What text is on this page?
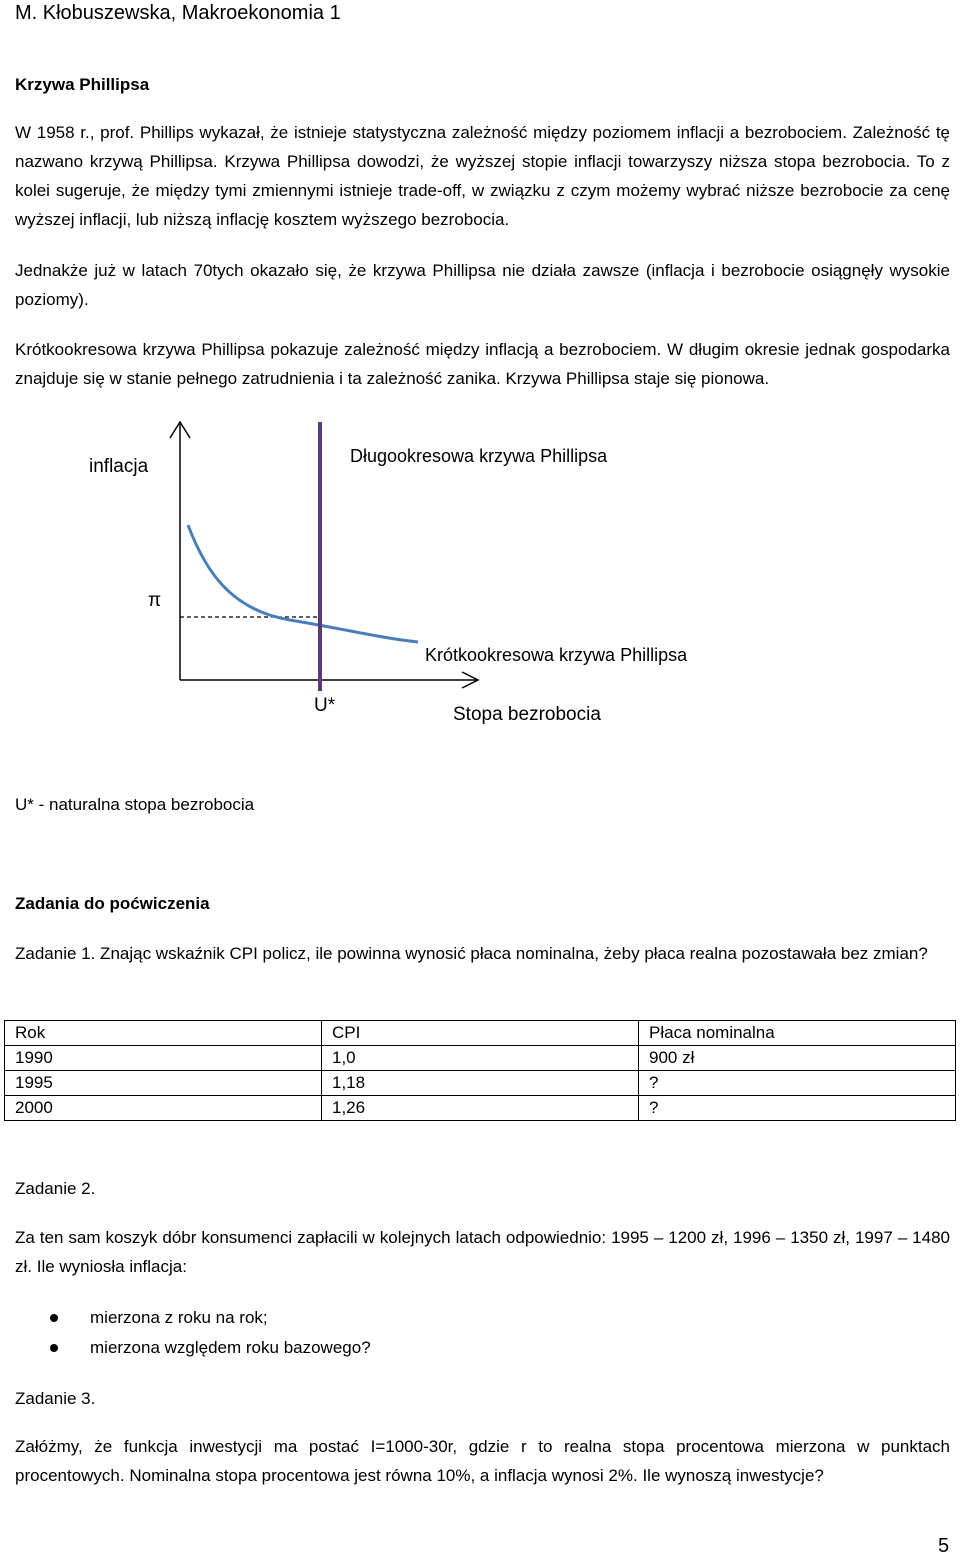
M. Kłobuszewska, Makroekonomia 1
Krzywa Phillipsa
W 1958 r., prof. Phillips wykazał, że istnieje statystyczna zależność między poziomem inflacji a bezrobociem. Zależność tę nazwano krzywą Phillipsa. Krzywa Phillipsa dowodzi, że wyższej stopie inflacji towarzyszy niższa stopa bezrobocia. To z kolei sugeruje, że między tymi zmiennymi istnieje trade-off, w związku z czym możemy wybrać niższe bezrobocie za cenę wyższej inflacji, lub niższą inflację kosztem wyższego bezrobocia.
Jednakże już w latach 70tych okazało się, że krzywa Phillipsa nie działa zawsze (inflacja i bezrobocie osiągnęły wysokie poziomy).
Krótkookresowa krzywa Phillipsa pokazuje zależność między inflacją a bezrobociem. W długim okresie jednak gospodarka znajduje się w stanie pełnego zatrudnienia i ta zależność zanika. Krzywa Phillipsa staje się pionowa.
inflacja	Długookresowa krzywa Phillipsa
π
Krótkookresowa krzywa Phillipsa
U*	Stopa bezrobocia
U* - naturalna stopa bezrobocia
Zadania do poćwiczenia
Zadanie 1. Znając wskaźnik CPI policz, ile powinna wynosić płaca nominalna, żeby płaca realna pozostawała bez zmian?
Rok	CPI	Płaca nominalna
1990	1,0	900 zł
1995	1,18	?
2000	1,26	?
Zadanie 2.
Za ten sam koszyk dóbr konsumenci zapłacili w kolejnych latach odpowiednio: 1995 – 1200 zł, 1996 – 1350 zł, 1997 – 1480 zł. Ile wyniosła inflacja:
mierzona z roku na rok;
mierzona względem roku bazowego?
Zadanie 3.
Załóżmy, że funkcja inwestycji ma postać I=1000-30r, gdzie r to realna stopa procentowa mierzona w punktach procentowych. Nominalna stopa procentowa jest równa 10%, a inflacja wynosi 2%. Ile wynoszą inwestycje?
5
